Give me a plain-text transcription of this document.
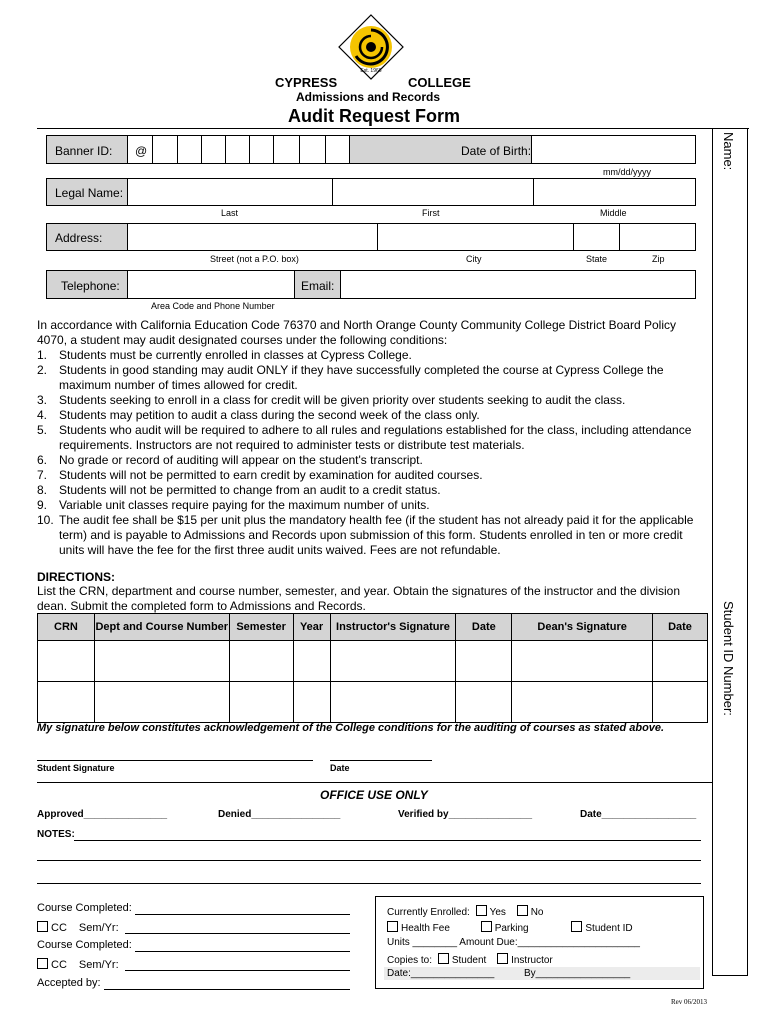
Est. 1966
CYPRESS	COLLEGE
Admissions and Records
Audit Request Form
Name:
Student ID Number:
Banner ID: @	Date of Birth:
mm/dd/yyyy
Legal Name:
Last	First	Middle
Address:
Street (not a P.O. box)	City	State	Zip
Telephone:	Email:
Area Code and Phone Number
In accordance with California Education Code 76370 and North Orange County Community College District Board Policy 4070, a student may audit designated courses under the following conditions:
1. Students must be currently enrolled in classes at Cypress College.
2. Students in good standing may audit ONLY if they have successfully completed the course at Cypress College the maximum number of times allowed for credit.
3. Students seeking to enroll in a class for credit will be given priority over students seeking to audit the class.
4. Students may petition to audit a class during the second week of the class only.
5. Students who audit will be required to adhere to all rules and regulations established for the class, including attendance requirements. Instructors are not required to administer tests or distribute test materials.
6. No grade or record of auditing will appear on the student's transcript.
7. Students will not be permitted to earn credit by examination for audited courses.
8. Students will not be permitted to change from an audit to a credit status.
9. Variable unit classes require paying for the maximum number of units.
10. The audit fee shall be $15 per unit plus the mandatory health fee (if the student has not already paid it for the applicable term) and is payable to Admissions and Records upon submission of this form. Students enrolled in ten or more credit units will have the fee for the first three audit units waived. Fees are not refundable.
DIRECTIONS:
List the CRN, department and course number, semester, and year. Obtain the signatures of the instructor and the division dean. Submit the completed form to Admissions and Records.
CRN	Dept and Course Number	Semester	Year	Instructor's Signature	Date	Dean's Signature	Date

My signature below constitutes acknowledgement of the College conditions for the auditing of courses as stated above.
Student Signature	Date
OFFICE USE ONLY
Approved_______________	Denied________________	Verified by_______________	Date_________________
NOTES:
Course Completed:
CC Sem/Yr:
Course Completed:
CC Sem/Yr:
Accepted by:
Currently Enrolled: Yes No
Health Fee	Parking	Student ID
Units ________ Amount Due:______________________
Copies to: Student Instructor
Date:_______________	By_________________
Rev 06/2013
